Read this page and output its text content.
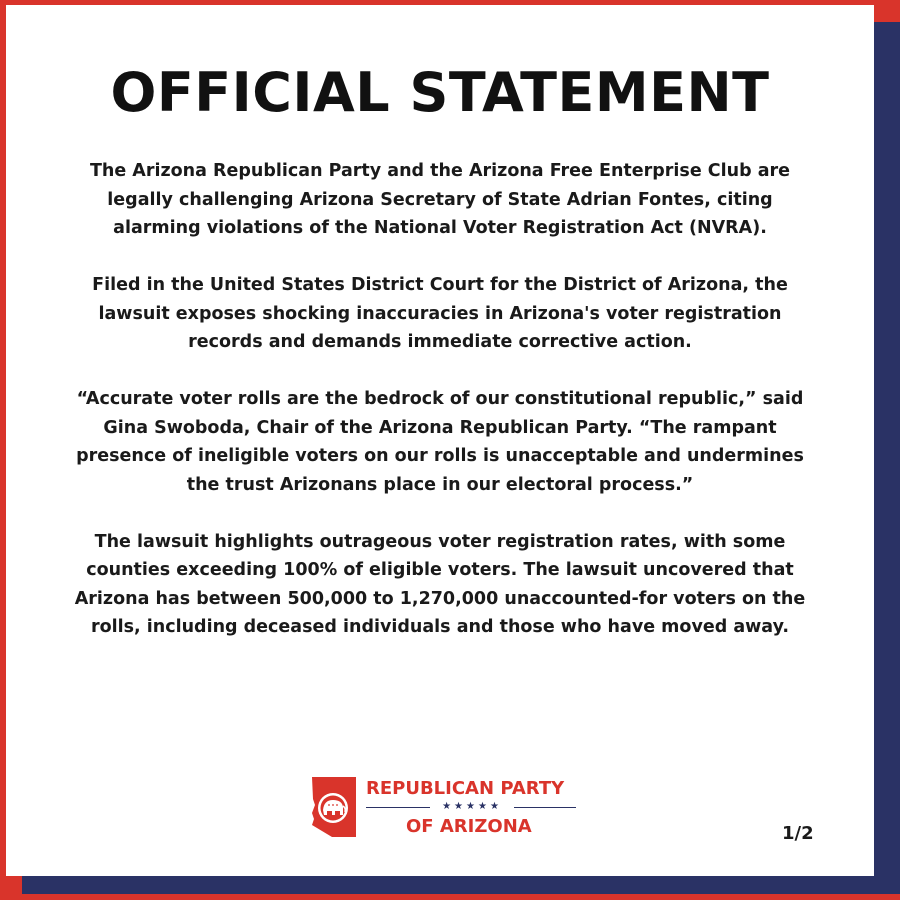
OFFICIAL STATEMENT

The Arizona Republican Party and the Arizona Free Enterprise Club are legally challenging Arizona Secretary of State Adrian Fontes, citing alarming violations of the National Voter Registration Act (NVRA).

Filed in the United States District Court for the District of Arizona, the lawsuit exposes shocking inaccuracies in Arizona's voter registration records and demands immediate corrective action.

“Accurate voter rolls are the bedrock of our constitutional republic,” said Gina Swoboda, Chair of the Arizona Republican Party. “The rampant presence of ineligible voters on our rolls is unacceptable and undermines the trust Arizonans place in our electoral process.”

The lawsuit highlights outrageous voter registration rates, with some counties exceeding 100% of eligible voters. The lawsuit uncovered that Arizona has between 500,000 to 1,270,000 unaccounted-for voters on the rolls, including deceased individuals and those who have moved away.

REPUBLICAN PARTY
★★★★★
OF ARIZONA	1/2
